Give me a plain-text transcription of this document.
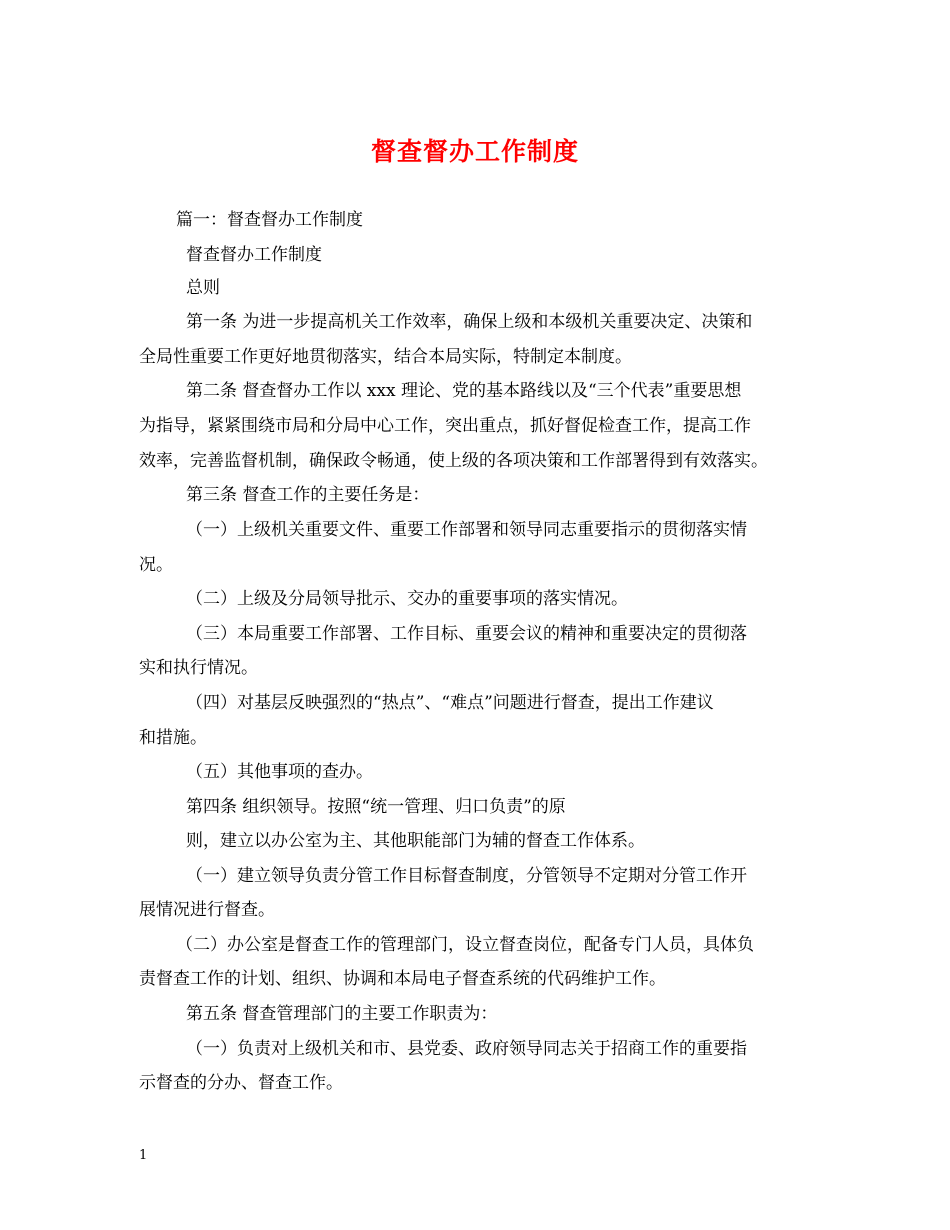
督查督办工作制度
篇一：督查督办工作制度
督查督办工作制度
总则
第一条 为进一步提高机关工作效率，确保上级和本级机关重要决定、决策和
全局性重要工作更好地贯彻落实，结合本局实际，特制定本制度。
第二条 督查督办工作以 xxx 理论、党的基本路线以及“三个代表”重要思想
为指导，紧紧围绕市局和分局中心工作，突出重点，抓好督促检查工作，提高工作
效率，完善监督机制，确保政令畅通，使上级的各项决策和工作部署得到有效落实。
第三条 督查工作的主要任务是：
（一）上级机关重要文件、重要工作部署和领导同志重要指示的贯彻落实情
况。
（二）上级及分局领导批示、交办的重要事项的落实情况。
（三）本局重要工作部署、工作目标、重要会议的精神和重要决定的贯彻落
实和执行情况。
（四）对基层反映强烈的“热点”、“难点”问题进行督查，提出工作建议
和措施。
（五）其他事项的查办。
第四条 组织领导。按照“统一管理、归口负责”的原
则，建立以办公室为主、其他职能部门为辅的督查工作体系。
（一）建立领导负责分管工作目标督查制度，分管领导不定期对分管工作开
展情况进行督查。
（二）办公室是督查工作的管理部门，设立督查岗位，配备专门人员，具体负
责督查工作的计划、组织、协调和本局电子督查系统的代码维护工作。
第五条 督查管理部门的主要工作职责为：
（一）负责对上级机关和市、县党委、政府领导同志关于招商工作的重要指
示督查的分办、督查工作。
1
